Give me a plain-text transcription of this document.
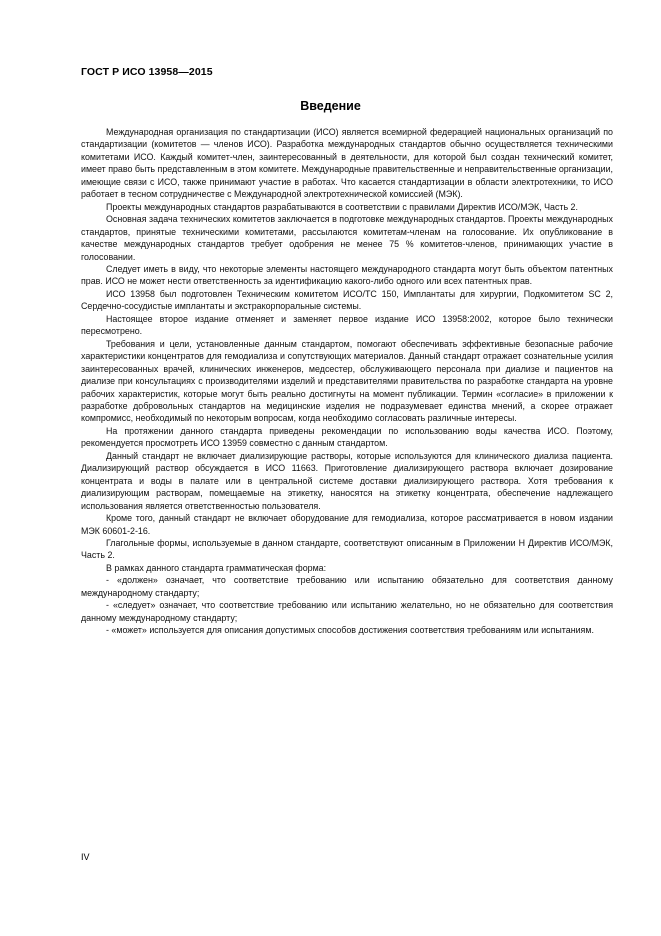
ГОСТ Р ИСО 13958—2015
Введение

Международная организация по стандартизации (ИСО) является всемирной федерацией национальных организаций по стандартизации (комитетов — членов ИСО). Разработка международных стандартов обычно осуществляется техническими комитетами ИСО. Каждый комитет-член, заинтересованный в деятельности, для которой был создан технический комитет, имеет право быть представленным в этом комитете. Международные правительственные и неправительственные организации, имеющие связи с ИСО, также принимают участие в работах. Что касается стандартизации в области электротехники, то ИСО работает в тесном сотрудничестве с Международной электротехнической комиссией (МЭК).

Проекты международных стандартов разрабатываются в соответствии с правилами Директив ИСО/МЭК, Часть 2.

Основная задача технических комитетов заключается в подготовке международных стандартов. Проекты международных стандартов, принятые техническими комитетами, рассылаются комитетам-членам на голосование. Их опубликование в качестве международных стандартов требует одобрения не менее 75 % комитетов-членов, принимающих участие в голосовании.

Следует иметь в виду, что некоторые элементы настоящего международного стандарта могут быть объектом патентных прав. ИСО не может нести ответственность за идентификацию какого-либо одного или всех патентных прав.

ИСО 13958 был подготовлен Техническим комитетом ИСО/ТС 150, Имплантаты для хирургии, Подкомитетом SC 2, Сердечно-сосудистые имплантаты и экстракорпоральные системы.

Настоящее второе издание отменяет и заменяет первое издание ИСО 13958:2002, которое было технически пересмотрено.

Требования и цели, установленные данным стандартом, помогают обеспечивать эффективные безопасные рабочие характеристики концентратов для гемодиализа и сопутствующих материалов. Данный стандарт отражает сознательные усилия заинтересованных врачей, клинических инженеров, медсестер, обслуживающего персонала при диализе и пациентов на диализе при консультациях с производителями изделий и представителями правительства по разработке стандарта на уровне рабочих характеристик, которые могут быть реально достигнуты на момент публикации. Термин «согласие» в приложении к разработке добровольных стандартов на медицинские изделия не подразумевает единства мнений, а скорее отражает компромисс, необходимый по некоторым вопросам, когда необходимо согласовать различные интересы.

На протяжении данного стандарта приведены рекомендации по использованию воды качества ИСО. Поэтому, рекомендуется просмотреть ИСО 13959 совместно с данным стандартом.

Данный стандарт не включает диализирующие растворы, которые используются для клинического диализа пациента. Диализирующий раствор обсуждается в ИСО 11663. Приготовление диализирующего раствора включает дозирование концентрата и воды в палате или в центральной системе доставки диализирующего раствора. Хотя требования к диализирующим растворам, помещаемые на этикетку, наносятся на этикетку концентрата, обеспечение надлежащего использования является ответственностью пользователя.

Кроме того, данный стандарт не включает оборудование для гемодиализа, которое рассматривается в новом издании МЭК 60601-2-16.

Глагольные формы, используемые в данном стандарте, соответствуют описанным в Приложении Н Директив ИСО/МЭК, Часть 2.

В рамках данного стандарта грамматическая форма:

- «должен» означает, что соответствие требованию или испытанию обязательно для соответствия данному международному стандарту;

- «следует» означает, что соответствие требованию или испытанию желательно, но не обязательно для соответствия данному международному стандарту;

- «может» используется для описания допустимых способов достижения соответствия требованиям или испытаниям.

IV
